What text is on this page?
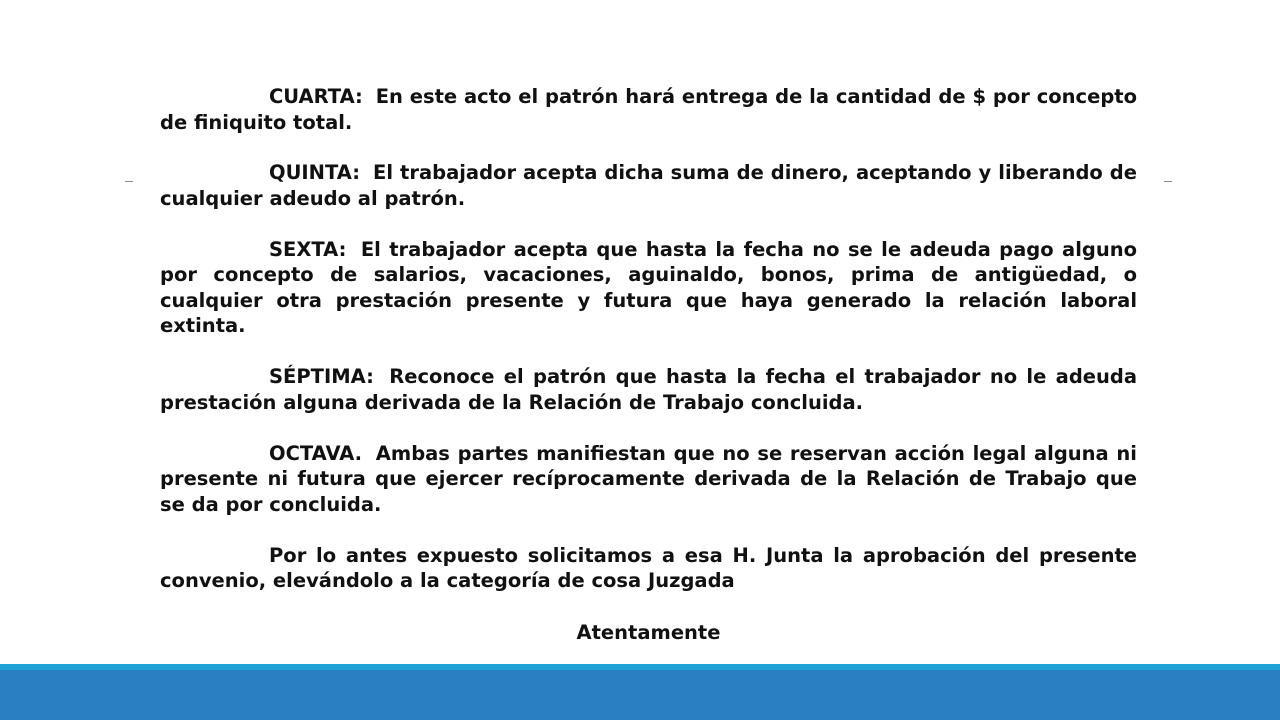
CUARTA: En este acto el patrón hará entrega de la cantidad de $ por concepto de finiquito total.

QUINTA: El trabajador acepta dicha suma de dinero, aceptando y liberando de cualquier adeudo al patrón.

SEXTA: El trabajador acepta que hasta la fecha no se le adeuda pago alguno por concepto de salarios, vacaciones, aguinaldo, bonos, prima de antigüedad, o cualquier otra prestación presente y futura que haya generado la relación laboral extinta.

SÉPTIMA: Reconoce el patrón que hasta la fecha el trabajador no le adeuda prestación alguna derivada de la Relación de Trabajo concluida.

OCTAVA. Ambas partes manifiestan que no se reservan acción legal alguna ni presente ni futura que ejercer recíprocamente derivada de la Relación de Trabajo que se da por concluida.

Por lo antes expuesto solicitamos a esa H. Junta la aprobación del presente convenio, elevándolo a la categoría de cosa Juzgada

Atentamente
